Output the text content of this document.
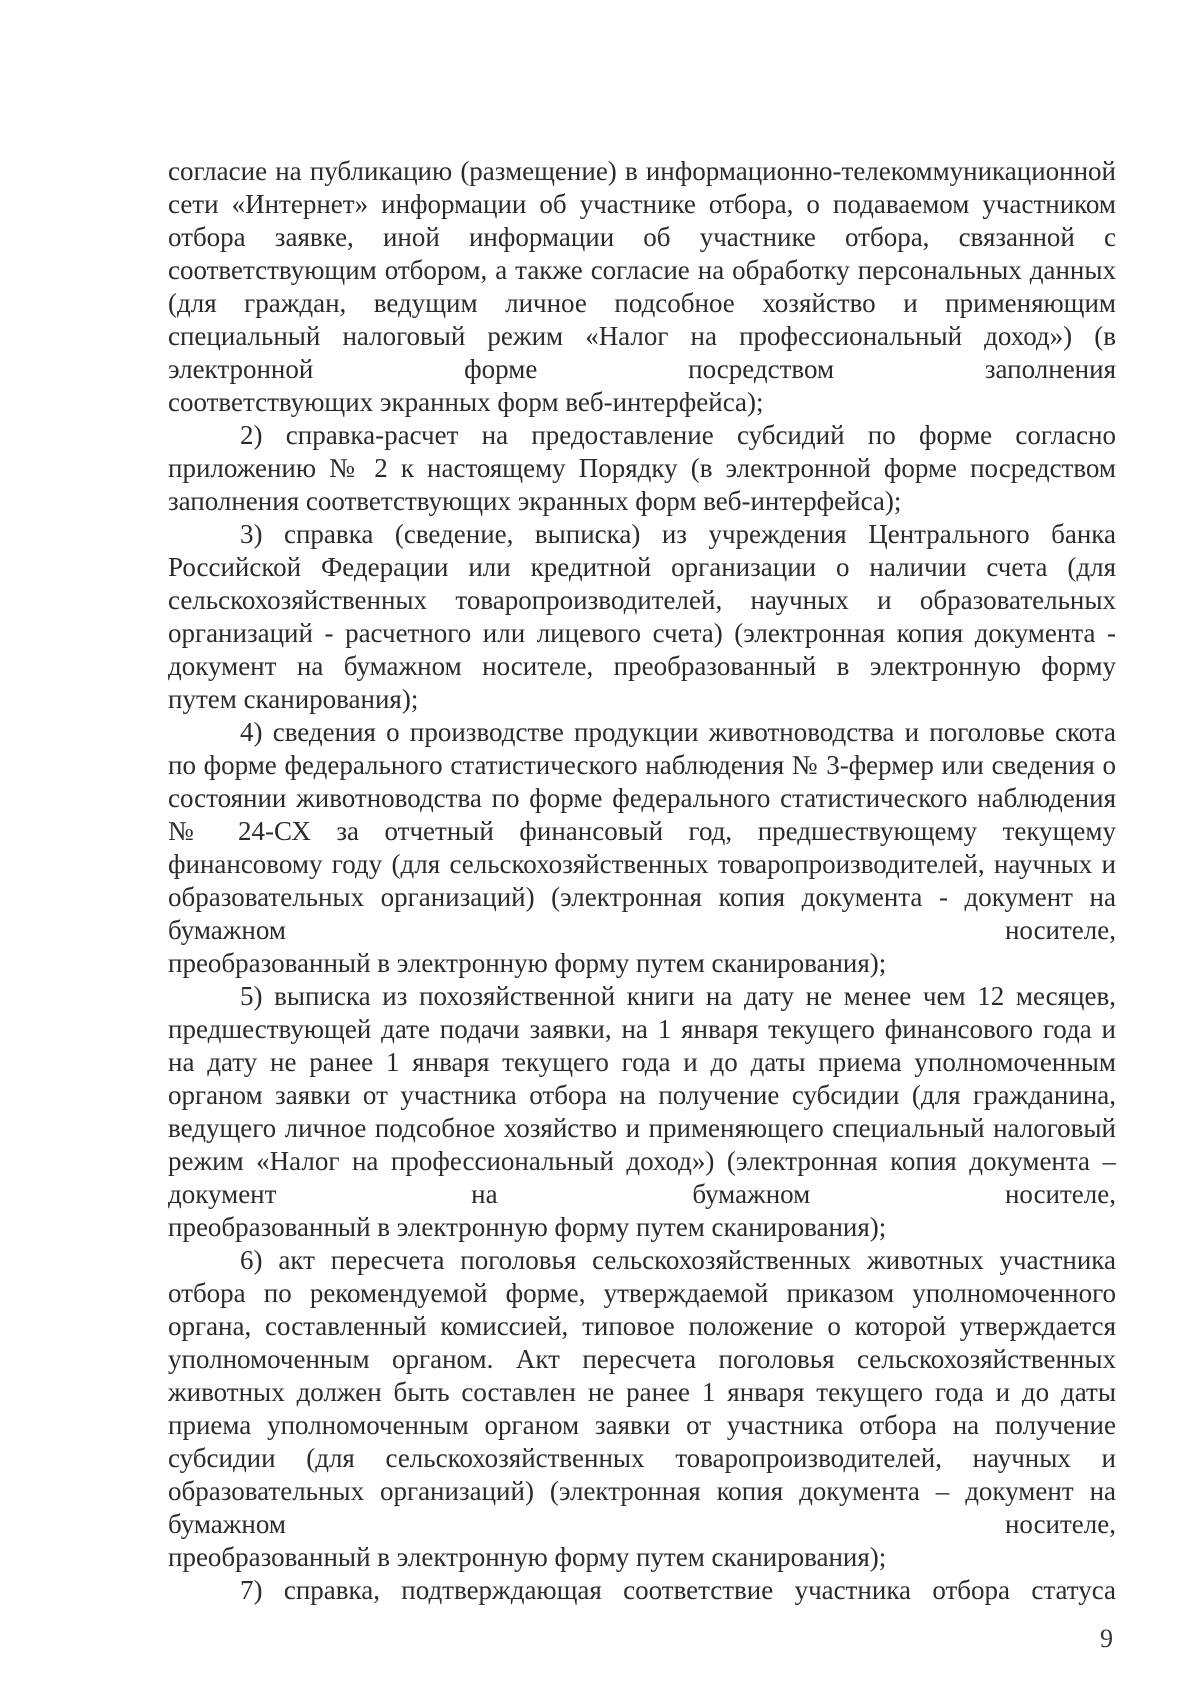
согласие на публикацию (размещение) в информационно-телекоммуникационной сети «Интернет» информации об участнике отбора, о подаваемом участником отбора заявке, иной информации об участнике отбора, связанной с соответствующим отбором, а также согласие на обработку персональных данных (для граждан, ведущим личное подсобное хозяйство и применяющим специальный налоговый режим «Налог на профессиональный доход») (в электронной форме посредством заполнения
соответствующих экранных форм веб-интерфейса);

2) справка-расчет на предоставление субсидий по форме согласно приложению № 2 к настоящему Порядку (в электронной форме посредством
заполнения соответствующих экранных форм веб-интерфейса);

3) справка (сведение, выписка) из учреждения Центрального банка Российской Федерации или кредитной организации о наличии счета (для сельскохозяйственных товаропроизводителей, научных и образовательных организаций - расчетного или лицевого счета) (электронная копия документа - документ на бумажном носителе, преобразованный в электронную форму
путем сканирования);

4) сведения о производстве продукции животноводства и поголовье скота по форме федерального статистического наблюдения № 3-фермер или сведения о состоянии животноводства по форме федерального статистического наблюдения № 24-СХ за отчетный финансовый год, предшествующему текущему финансовому году (для сельскохозяйственных товаропроизводителей, научных и образовательных организаций) (электронная копия документа - документ на бумажном носителе,
преобразованный в электронную форму путем сканирования);

5) выписка из похозяйственной книги на дату не менее чем 12 месяцев, предшествующей дате подачи заявки, на 1 января текущего финансового года и на дату не ранее 1 января текущего года и до даты приема уполномоченным органом заявки от участника отбора на получение субсидии (для гражданина, ведущего личное подсобное хозяйство и применяющего специальный налоговый режим «Налог на профессиональный доход») (электронная копия документа – документ на бумажном носителе,
преобразованный в электронную форму путем сканирования);

6) акт пересчета поголовья сельскохозяйственных животных участника отбора по рекомендуемой форме, утверждаемой приказом уполномоченного органа, составленный комиссией, типовое положение о которой утверждается уполномоченным органом. Акт пересчета поголовья сельскохозяйственных животных должен быть составлен не ранее 1 января текущего года и до даты приема уполномоченным органом заявки от участника отбора на получение субсидии (для сельскохозяйственных товаропроизводителей, научных и образовательных организаций) (электронная копия документа – документ на бумажном носителе,
преобразованный в электронную форму путем сканирования);

7) справка, подтверждающая соответствие участника отбора статуса

9
